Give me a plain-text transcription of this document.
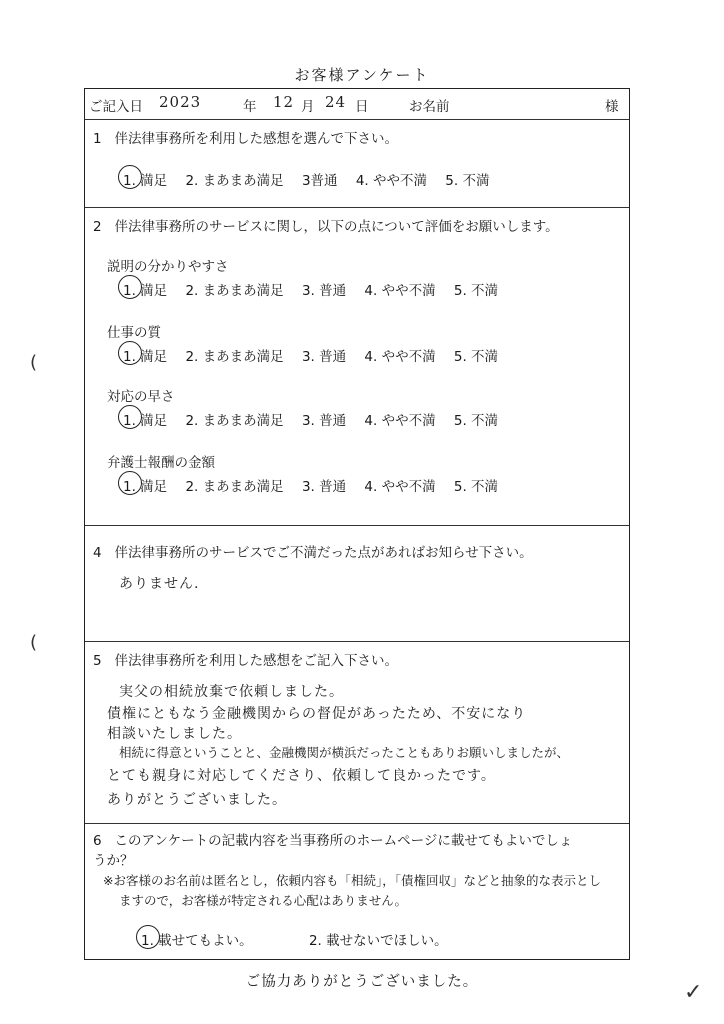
お客様アンケート
ご記入日 2023	年 12 月 24 日	お名前	様
1 伴法律事務所を利用した感想を選んで下さい。
1. 満足 2. まあまあ満足 3普通 4. やや不満 5. 不満
2 伴法律事務所のサービスに関し，以下の点について評価をお願いします。
説明の分かりやすさ
1. 満足 2. まあまあ満足 3. 普通 4. やや不満 5. 不満
仕事の質
1. 満足 2. まあまあ満足 3. 普通 4. やや不満 5. 不満
対応の早さ
1. 満足 2. まあまあ満足 3. 普通 4. やや不満 5. 不満
弁護士報酬の金額
1. 満足 2. まあまあ満足 3. 普通 4. やや不満 5. 不満
4 伴法律事務所のサービスでご不満だった点があればお知らせ下さい。
ありません.
5 伴法律事務所を利用した感想をご記入下さい。
実父の相続放棄で依頼しました。
債権にともなう金融機関からの督促があったため、不安になり
相談いたしました。
相続に得意ということと、金融機関が横浜だったこともありお願いしましたが、
とても親身に対応してくださり、依頼して良かったです。
ありがとうございました。
6 このアンケートの記載内容を当事務所のホームページに載せてもよいでしょ
うか？
※お客様のお名前は匿名とし，依頼内容も「相続」，「債権回収」などと抽象的な表示とし
ますので，お客様が特定される心配はありません。
1. 載せてもよい。	2. 載せないでほしい。
ご協力ありがとうございました。
(
(
✓
